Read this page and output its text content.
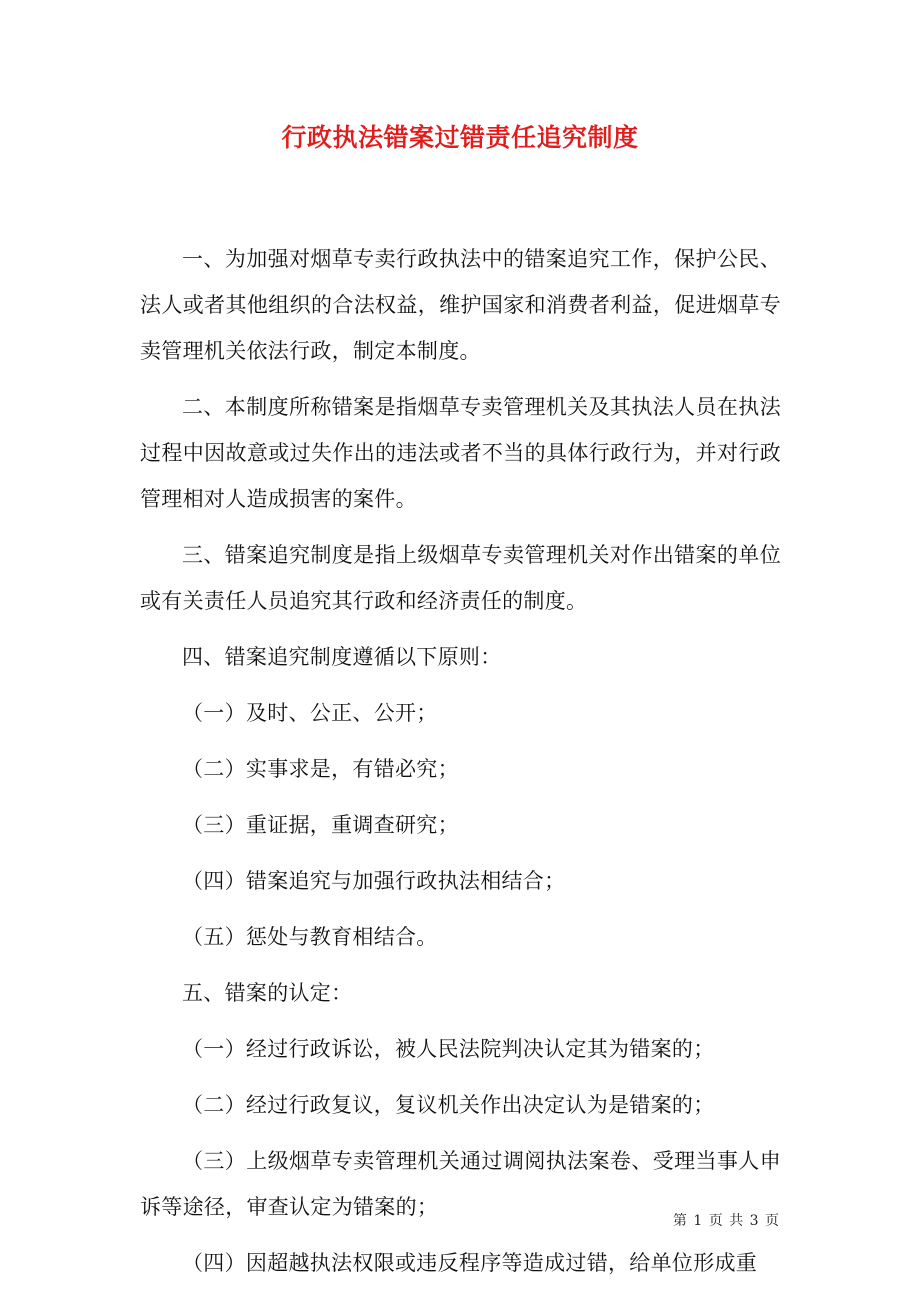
行政执法错案过错责任追究制度

一、为加强对烟草专卖行政执法中的错案追究工作，保护公民、法人或者其他组织的合法权益，维护国家和消费者利益，促进烟草专卖管理机关依法行政，制定本制度。

二、本制度所称错案是指烟草专卖管理机关及其执法人员在执法过程中因故意或过失作出的违法或者不当的具体行政行为，并对行政管理相对人造成损害的案件。

三、错案追究制度是指上级烟草专卖管理机关对作出错案的单位或有关责任人员追究其行政和经济责任的制度。

四、错案追究制度遵循以下原则：

（一）及时、公正、公开；

（二）实事求是，有错必究；

（三）重证据，重调查研究；

（四）错案追究与加强行政执法相结合；

（五）惩处与教育相结合。

五、错案的认定：

（一）经过行政诉讼，被人民法院判决认定其为错案的；

（二）经过行政复议，复议机关作出决定认为是错案的；

（三）上级烟草专卖管理机关通过调阅执法案卷、受理当事人申诉等途径，审查认定为错案的；

（四）因超越执法权限或违反程序等造成过错，给单位形成重

第 1 页 共 3 页
